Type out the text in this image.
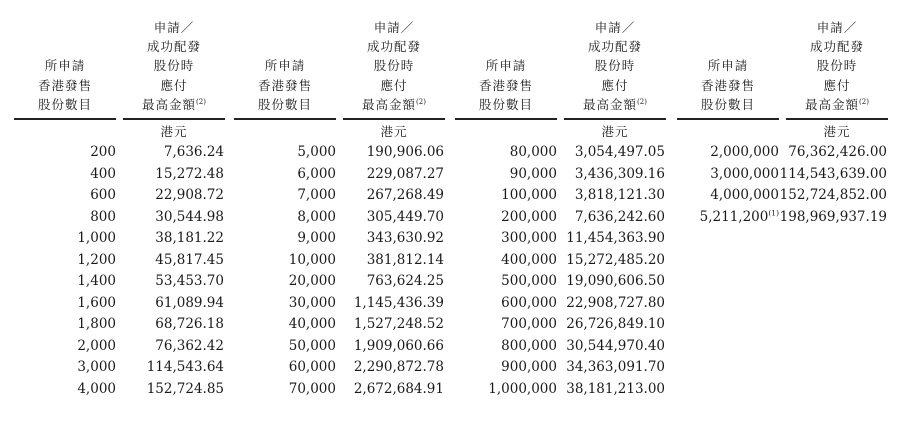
所申請
香港發售
股份數目
申請／
成功配發
股份時
應付
最高金額$^{(2)}$
港元
200	7,636.24
400	15,272.48
600	22,908.72
800	30,544.98
1,000	38,181.22
1,200	45,817.45
1,400	53,453.70
1,600	61,089.94
1,800	68,726.18
2,000	76,362.42
3,000 114,543.64
4,000 152,724.85
所申請
香港發售
股份數目
申請／
成功配發
股份時
應付
最高金額$^{(2)}$
港元
5,000 190,906.06
6,000 229,087.27
7,000 267,268.49
8,000 305,449.70
9,000 343,630.92
10,000 381,812.14
20,000 763,624.25
30,000 1,145,436.39
40,000 1,527,248.52
50,000 1,909,060.66
60,000 2,290,872.78
70,000 2,672,684.91
所申請
香港發售
股份數目
申請／
成功配發
股份時
應付
最高金額$^{(2)}$
港元
80,000 3,054,497.05
90,000 3,436,309.16
100,000 3,818,121.30
200,000 7,636,242.60
300,000 11,454,363.90
400,000 15,272,485.20
500,000 19,090,606.50
600,000 22,908,727.80
700,000 26,726,849.10
800,000 30,544,970.40
900,000 34,363,091.70
1,000,000 38,181,213.00
所申請
香港發售
股份數目
申請／
成功配發
股份時
應付
最高金額$^{(2)}$
港元
2,000,000 76,362,426.00
3,000,000 114,543,639.00
4,000,000 152,724,852.00
5,211,200$^{(1)}$ 198,969,937.19
